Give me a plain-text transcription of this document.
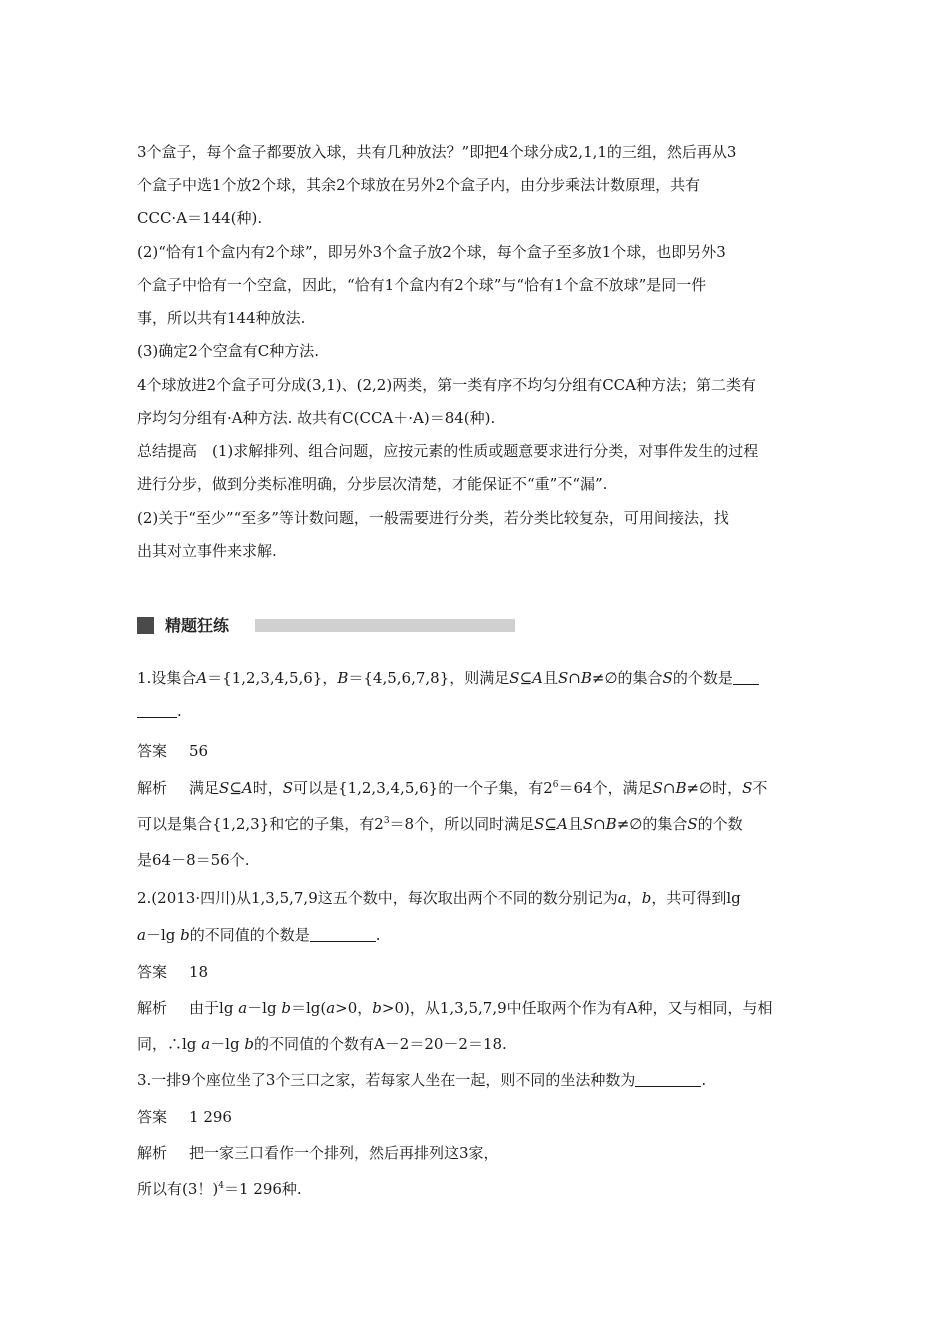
3个盒子，每个盒子都要放入球，共有几种放法？”即把4个球分成2,1,1的三组，然后再从3
个盒子中选1个放2个球，其余2个球放在另外2个盒子内，由分步乘法计数原理，共有
CCC·A＝144(种).
(2)“恰有1个盒内有2个球”，即另外3个盒子放2个球，每个盒子至多放1个球，也即另外3
个盒子中恰有一个空盒，因此，“恰有1个盒内有2个球”与“恰有1个盒不放球”是同一件
事，所以共有144种放法.
(3)确定2个空盒有C种方法.
4个球放进2个盒子可分成(3,1)、(2,2)两类，第一类有序不均匀分组有CCA种方法；第二类有
序均匀分组有·A种方法. 故共有C(CCA＋·A)＝84(种).
总结提高　(1)求解排列、组合问题，应按元素的性质或题意要求进行分类，对事件发生的过程
进行分步，做到分类标准明确，分步层次清楚，才能保证不“重”不“漏”.
(2)关于“至少”“至多”等计数问题，一般需要进行分类，若分类比较复杂，可用间接法，找
出其对立事件来求解.
精题狂练
1.设集合A＝{1,2,3,4,5,6}，B＝{4,5,6,7,8}，则满足S⊆A且S∩B≠∅的集合S的个数是
.
答案 56
解析 满足S⊆A时，S可以是{1,2,3,4,5,6}的一个子集，有$2^6=64$个，满足S∩B≠∅时，S不
可以是集合{1,2,3}和它的子集，有$2^3=8$个，所以同时满足S⊆A且S∩B≠∅的集合S的个数
是64－8＝56个.
2.(2013·四川)从1,3,5,7,9这五个数中，每次取出两个不同的数分别记为a，b，共可得到lg
a－lg b的不同值的个数是	.
答案 18
解析 由于lg a－lg b＝lg(a>0，b>0)，从1,3,5,7,9中任取两个作为有A种，又与相同，与相
同，∴lg a－lg b的不同值的个数有A－2＝20－2＝18.
3.一排9个座位坐了3个三口之家，若每家人坐在一起，则不同的坐法种数为	.
答案 1 296
解析 把一家三口看作一个排列，然后再排列这3家，
所以有(3！)$^4$＝1 296种.
